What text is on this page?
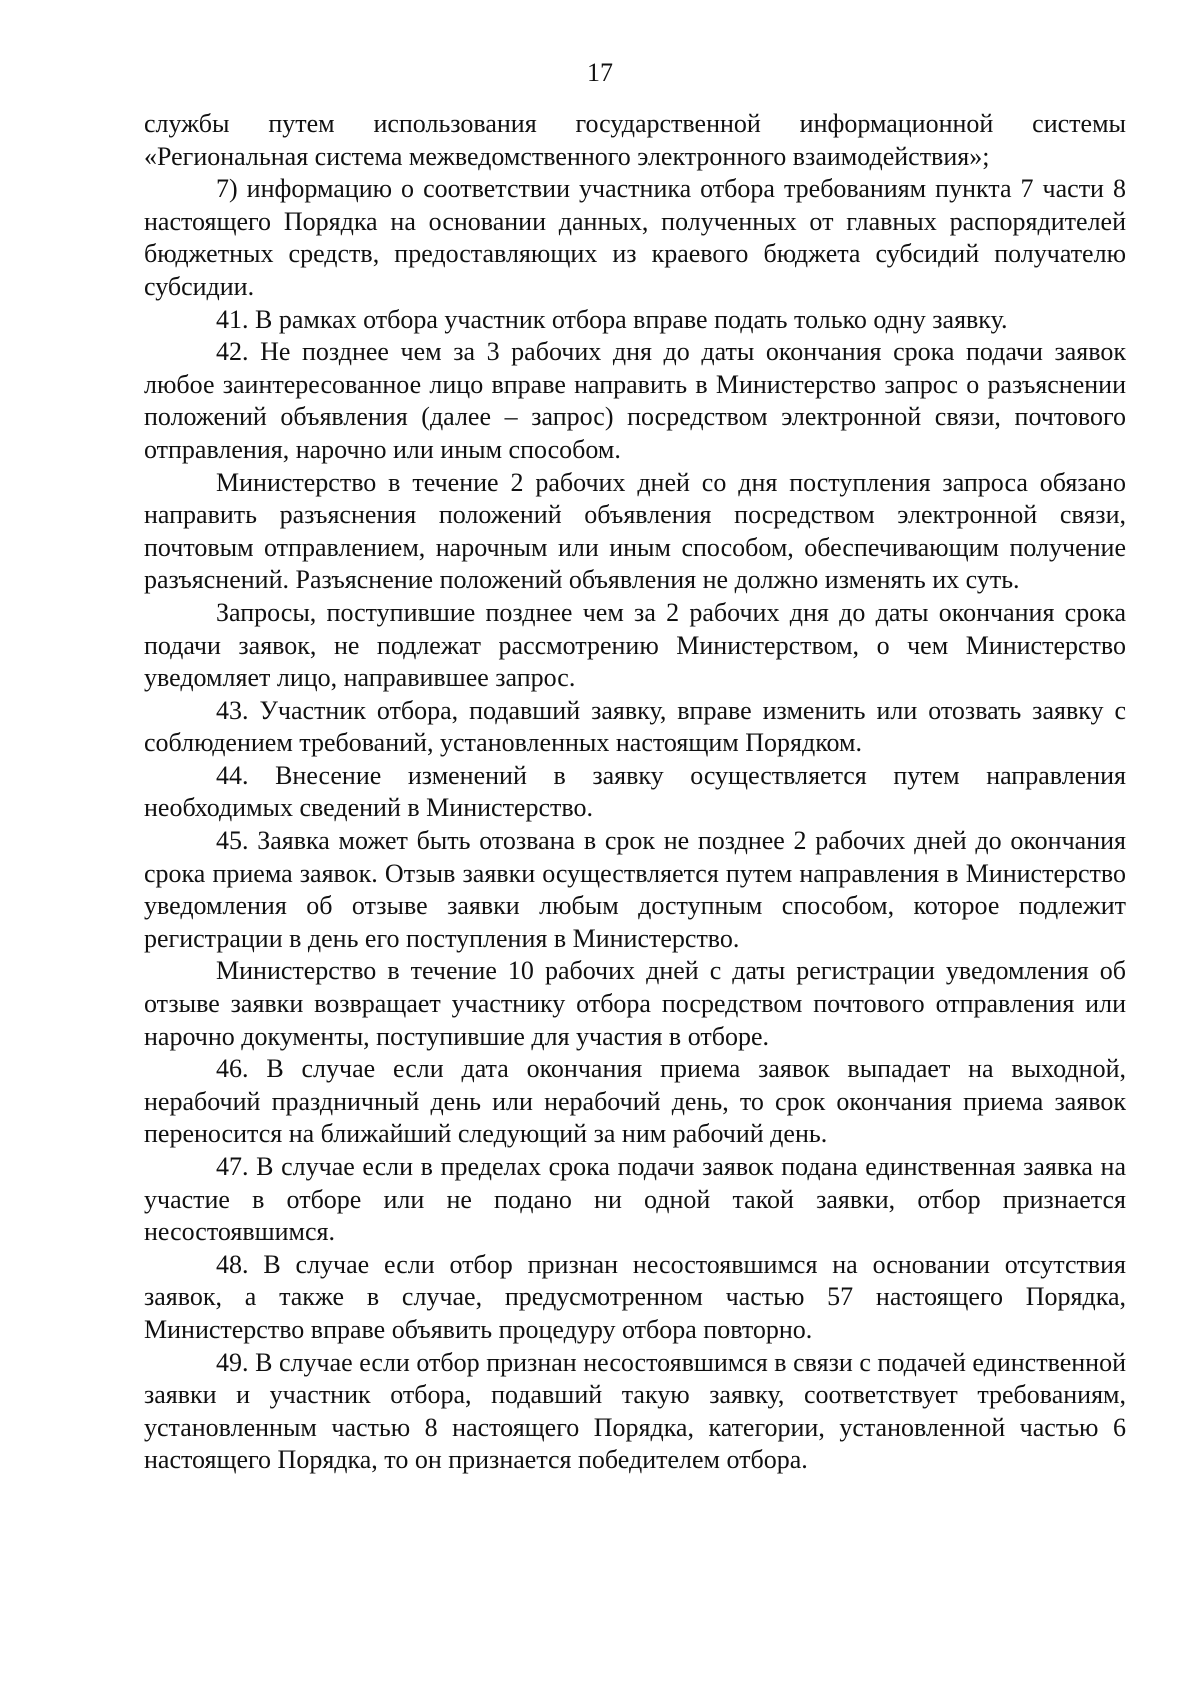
17

службы путем использования государственной информационной системы «Региональная система межведомственного электронного взаимодействия»;

7) информацию о соответствии участника отбора требованиям пункта 7 части 8 настоящего Порядка на основании данных, полученных от главных распорядителей бюджетных средств, предоставляющих из краевого бюджета субсидий получателю субсидии.

41. В рамках отбора участник отбора вправе подать только одну заявку.

42. Не позднее чем за 3 рабочих дня до даты окончания срока подачи заявок любое заинтересованное лицо вправе направить в Министерство запрос о разъяснении положений объявления (далее – запрос) посредством электронной связи, почтового отправления, нарочно или иным способом.

Министерство в течение 2 рабочих дней со дня поступления запроса обязано направить разъяснения положений объявления посредством электронной связи, почтовым отправлением, нарочным или иным способом, обеспечивающим получение разъяснений. Разъяснение положений объявления не должно изменять их суть.

Запросы, поступившие позднее чем за 2 рабочих дня до даты окончания срока подачи заявок, не подлежат рассмотрению Министерством, о чем Министерство уведомляет лицо, направившее запрос.

43. Участник отбора, подавший заявку, вправе изменить или отозвать заявку с соблюдением требований, установленных настоящим Порядком.

44. Внесение изменений в заявку осуществляется путем направления необходимых сведений в Министерство.

45. Заявка может быть отозвана в срок не позднее 2 рабочих дней до окончания срока приема заявок. Отзыв заявки осуществляется путем направления в Министерство уведомления об отзыве заявки любым доступным способом, которое подлежит регистрации в день его поступления в Министерство.

Министерство в течение 10 рабочих дней с даты регистрации уведомления об отзыве заявки возвращает участнику отбора посредством почтового отправления или нарочно документы, поступившие для участия в отборе.

46. В случае если дата окончания приема заявок выпадает на выходной, нерабочий праздничный день или нерабочий день, то срок окончания приема заявок переносится на ближайший следующий за ним рабочий день.

47. В случае если в пределах срока подачи заявок подана единственная заявка на участие в отборе или не подано ни одной такой заявки, отбор признается несостоявшимся.

48. В случае если отбор признан несостоявшимся на основании отсутствия заявок, а также в случае, предусмотренном частью 57 настоящего Порядка, Министерство вправе объявить процедуру отбора повторно.

49. В случае если отбор признан несостоявшимся в связи с подачей единственной заявки и участник отбора, подавший такую заявку, соответствует требованиям, установленным частью 8 настоящего Порядка, категории, установленной частью 6 настоящего Порядка, то он признается победителем отбора.
